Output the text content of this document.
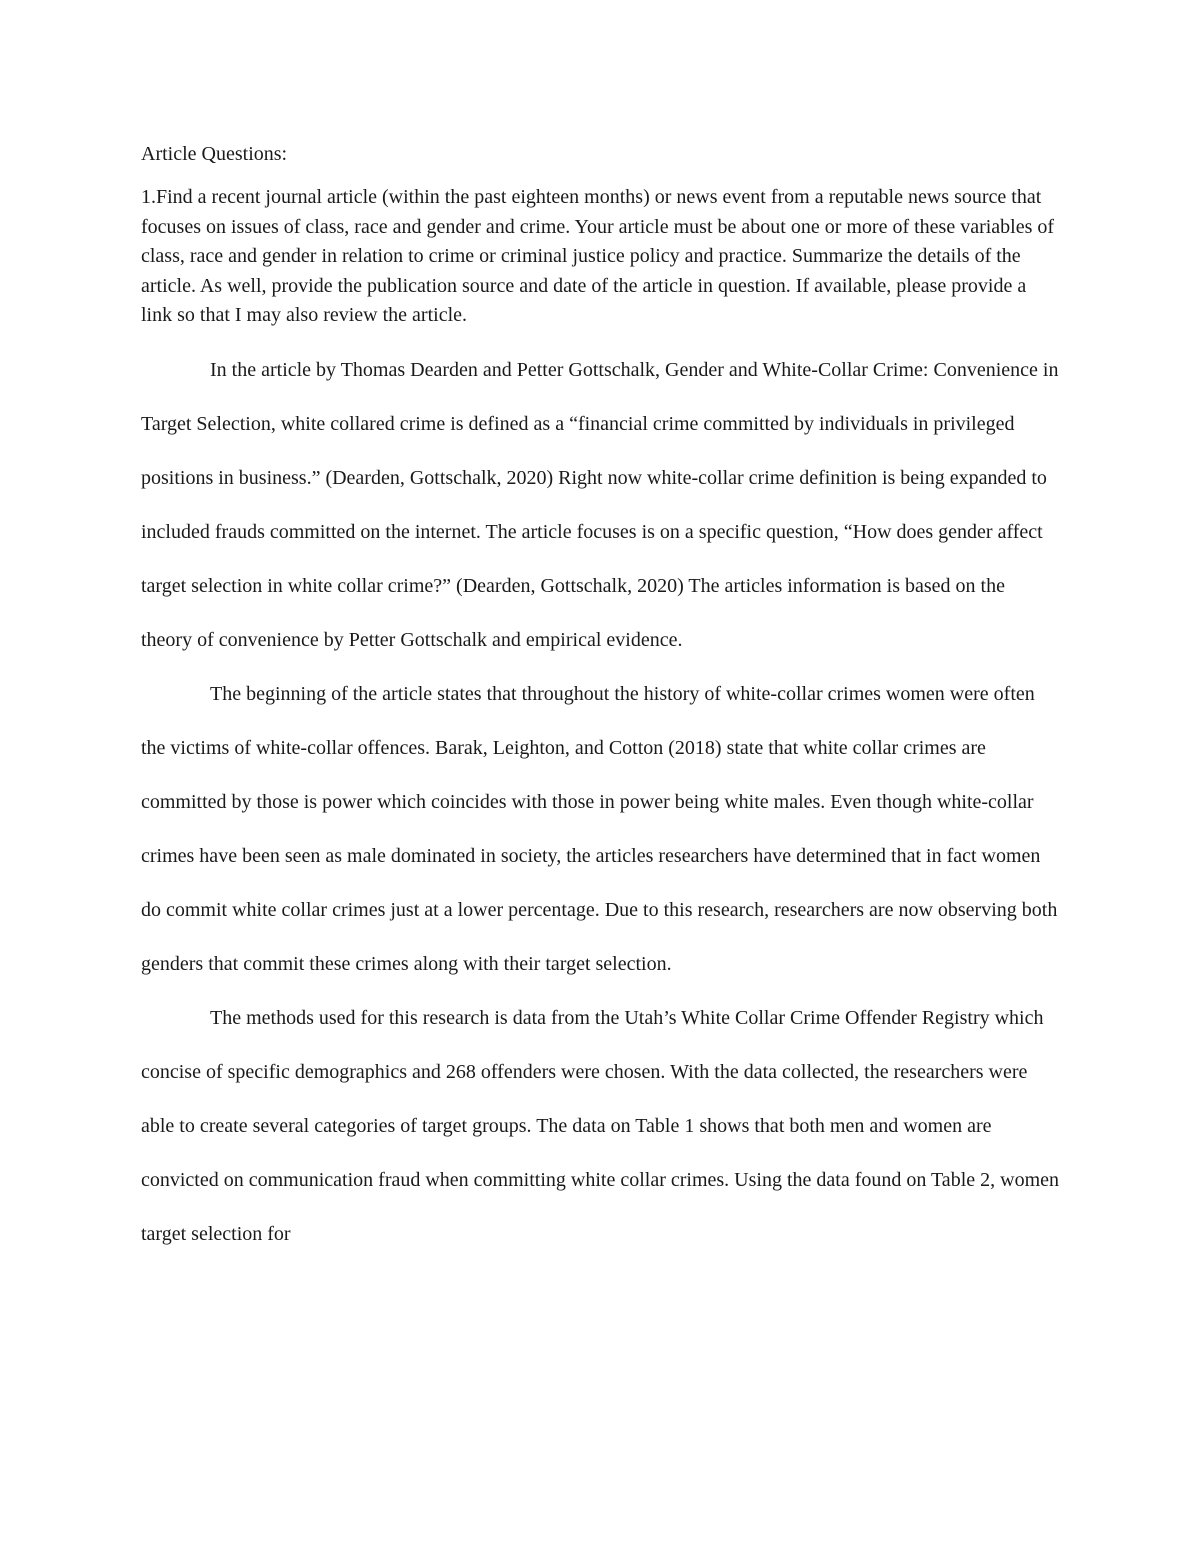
Article Questions:

1.Find a recent journal article (within the past eighteen months) or news event from a reputable news source that focuses on issues of class, race and gender and crime. Your article must be about one or more of these variables of class, race and gender in relation to crime or criminal justice policy and practice. Summarize the details of the article. As well, provide the publication source and date of the article in question. If available, please provide a link so that I may also review the article.

In the article by Thomas Dearden and Petter Gottschalk, Gender and White-Collar Crime: Convenience in Target Selection, white collared crime is defined as a “financial crime committed by individuals in privileged positions in business.” (Dearden, Gottschalk, 2020) Right now white-collar crime definition is being expanded to included frauds committed on the internet. The article focuses is on a specific question, “How does gender affect target selection in white collar crime?” (Dearden, Gottschalk, 2020) The articles information is based on the theory of convenience by Petter Gottschalk and empirical evidence.

The beginning of the article states that throughout the history of white-collar crimes women were often the victims of white-collar offences. Barak, Leighton, and Cotton (2018) state that white collar crimes are committed by those is power which coincides with those in power being white males. Even though white-collar crimes have been seen as male dominated in society, the articles researchers have determined that in fact women do commit white collar crimes just at a lower percentage. Due to this research, researchers are now observing both genders that commit these crimes along with their target selection.

The methods used for this research is data from the Utah’s White Collar Crime Offender Registry which concise of specific demographics and 268 offenders were chosen. With the data collected, the researchers were able to create several categories of target groups. The data on Table 1 shows that both men and women are convicted on communication fraud when committing white collar crimes. Using the data found on Table 2, women target selection for
